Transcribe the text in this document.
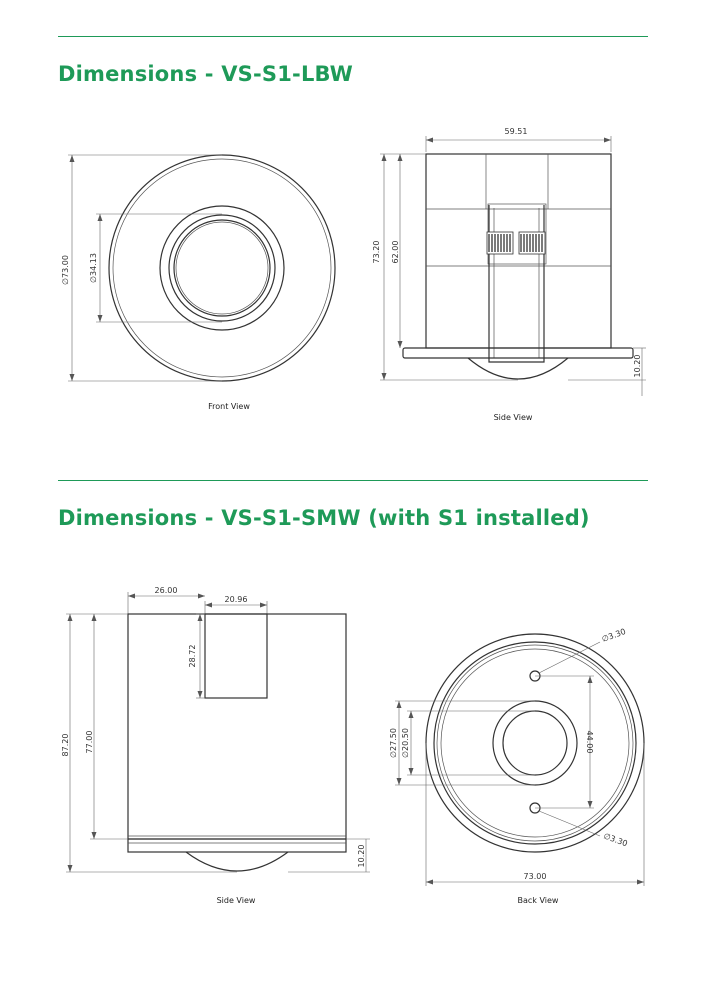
Dimensions - VS-S1-LBW
∅73.00 ∅34.13
Front View
59.51
73.20 62.00
10.20
Side View
Dimensions - VS-S1-SMW (with S1 installed)
26.00
20.96
28.72
87.20 77.00
10.20
Side View
∅3.30
∅3.30
∅27.50 ∅20.50	44.00
73.00
Back View
